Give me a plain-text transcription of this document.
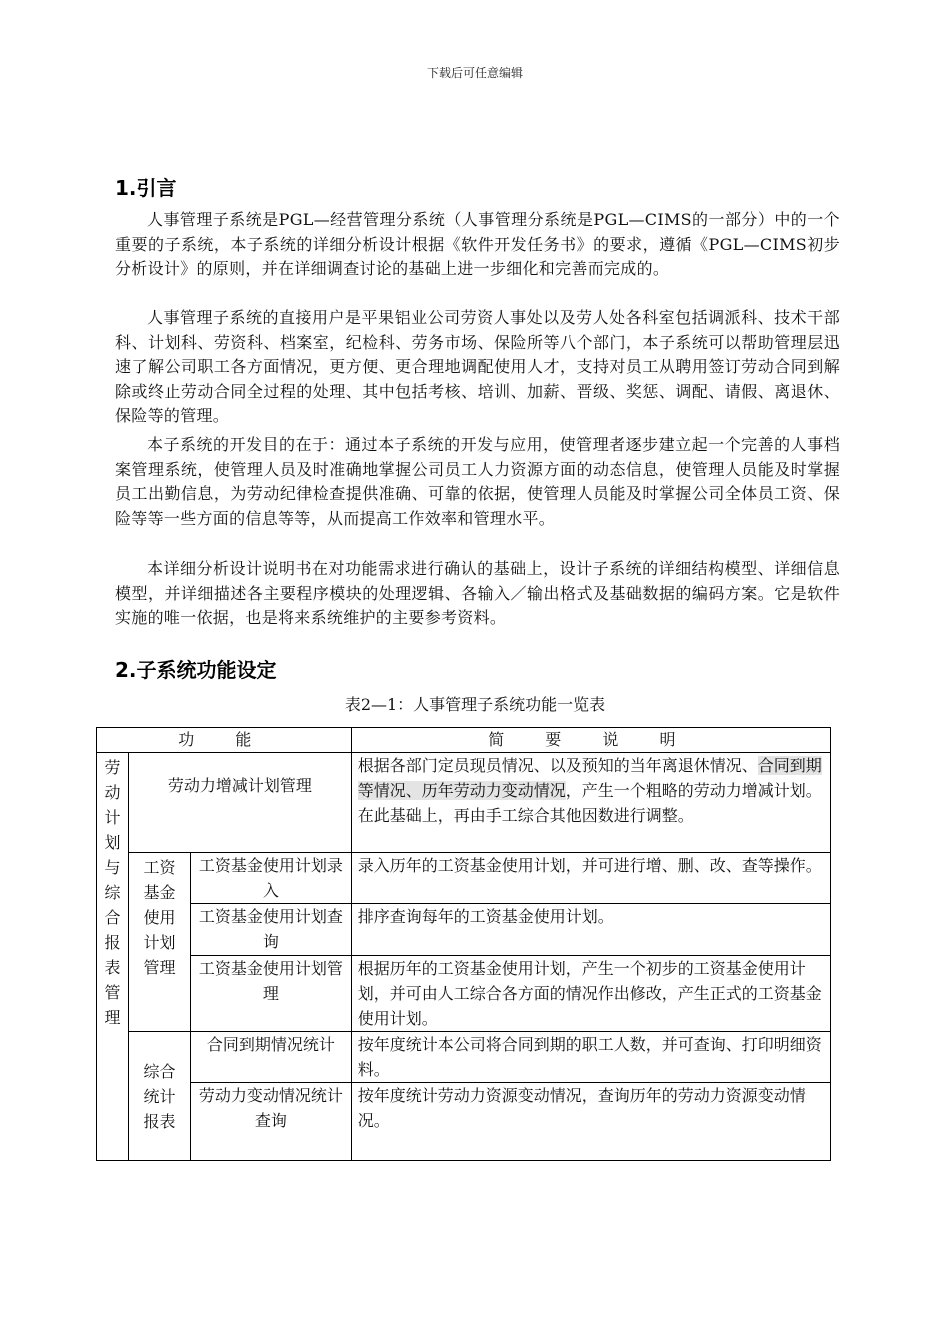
下载后可任意编辑
1.引言

人事管理子系统是PGL—经营管理分系统（人事管理分系统是PGL—CIMS的一部分）中的一个重要的子系统，本子系统的详细分析设计根据《软件开发任务书》的要求，遵循《PGL—CIMS初步分析设计》的原则，并在详细调查讨论的基础上进一步细化和完善而完成的。

人事管理子系统的直接用户是平果铝业公司劳资人事处以及劳人处各科室包括调派科、技术干部科、计划科、劳资科、档案室，纪检科、劳务市场、保险所等八个部门，本子系统可以帮助管理层迅速了解公司职工各方面情况，更方便、更合理地调配使用人才，支持对员工从聘用签订劳动合同到解除或终止劳动合同全过程的处理、其中包括考核、培训、加薪、晋级、奖惩、调配、请假、离退休、保险等的管理。

本子系统的开发目的在于：通过本子系统的开发与应用，使管理者逐步建立起一个完善的人事档案管理系统，使管理人员及时准确地掌握公司员工人力资源方面的动态信息，使管理人员能及时掌握员工出勤信息，为劳动纪律检查提供准确、可靠的依据，使管理人员能及时掌握公司全体员工资、保险等等一些方面的信息等等，从而提高工作效率和管理水平。

本详细分析设计说明书在对功能需求进行确认的基础上，设计子系统的详细结构模型、详细信息模型，并详细描述各主要程序模块的处理逻辑、各输入／输出格式及基础数据的编码方案。它是软件实施的唯一依据，也是将来系统维护的主要参考资料。

2.子系统功能设定
表2—1：人事管理子系统功能一览表
功 能			简 要 说 明

劳动计划与综合报表管理	劳动力增减计划管理		根据各部门定员现员情况、以及预知的当年离退休情况、合同到期等情况、历年劳动力变动情况，产生一个粗略的劳动力增减计划。在此基础上，再由手工综合其他因数进行调整。

	工资基金使用计划管理	工资基金使用计划录入	录入历年的工资基金使用计划，并可进行增、删、改、查等操作。
		工资基金使用计划查询	排序查询每年的工资基金使用计划。
		工资基金使用计划管理	根据历年的工资基金使用计划，产生一个初步的工资基金使用计划，并可由人工综合各方面的情况作出修改，产生正式的工资基金使用计划。

	综合统计报表	合同到期情况统计	按年度统计本公司将合同到期的职工人数，并可查询、打印明细资料。
		劳动力变动情况统计查询	按年度统计劳动力资源变动情况，查询历年的劳动力资源变动情况。
